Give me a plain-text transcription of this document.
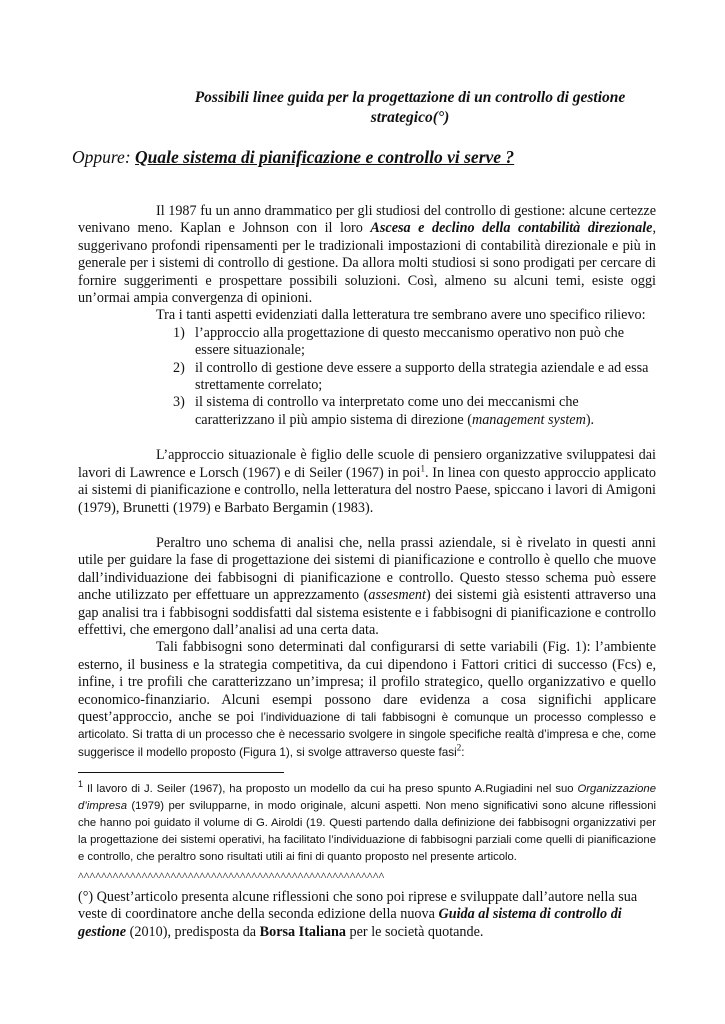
Possibili linee guida per la progettazione di un controllo di gestione strategico(°)
Oppure: Quale sistema di pianificazione e controllo vi serve ?

Il 1987 fu un anno drammatico per gli studiosi del controllo di gestione: alcune certezze venivano meno. Kaplan e Johnson con il loro Ascesa e declino della contabilità direzionale, suggerivano profondi ripensamenti per le tradizionali impostazioni di contabilità direzionale e più in generale per i sistemi di controllo di gestione. Da allora molti studiosi si sono prodigati per cercare di fornire suggerimenti e prospettare possibili soluzioni. Così, almeno su alcuni temi, esiste oggi un’ormai ampia convergenza di opinioni.

Tra i tanti aspetti evidenziati dalla letteratura tre sembrano avere uno specifico rilievo:

1) l’approccio alla progettazione di questo meccanismo operativo non può che essere situazionale;
2) il controllo di gestione deve essere a supporto della strategia aziendale e ad essa strettamente correlato;
3) il sistema di controllo va interpretato come uno dei meccanismi che caratterizzano il più ampio sistema di direzione (management system).

L’approccio situazionale è figlio delle scuole di pensiero organizzative sviluppatesi dai lavori di Lawrence e Lorsch (1967) e di Seiler (1967) in poi$^1$. In linea con questo approccio applicato ai sistemi di pianificazione e controllo, nella letteratura del nostro Paese, spiccano i lavori di Amigoni (1979), Brunetti (1979) e Barbato Bergamin (1983).

Peraltro uno schema di analisi che, nella prassi aziendale, si è rivelato in questi anni utile per guidare la fase di progettazione dei sistemi di pianificazione e controllo è quello che muove dall’individuazione dei fabbisogni di pianificazione e controllo. Questo stesso schema può essere anche utilizzato per effettuare un apprezzamento (assesment) dei sistemi già esistenti attraverso una gap analisi tra i fabbisogni soddisfatti dal sistema esistente e i fabbisogni di pianificazione e controllo effettivi, che emergono dall’analisi ad una certa data.

Tali fabbisogni sono determinati dal configurarsi di sette variabili (Fig. 1): l’ambiente esterno, il business e la strategia competitiva, da cui dipendono i Fattori critici di successo (Fcs) e, infine, i tre profili che caratterizzano un’impresa; il profilo strategico, quello organizzativo e quello economico-finanziario. Alcuni esempi possono dare evidenza a cosa significhi applicare quest’approccio, anche se poi l’individuazione di tali fabbisogni è comunque un processo complesso e articolato. Si tratta di un processo che è necessario svolgere in singole specifiche realtà d’impresa e che, come suggerisce il modello proposto (Figura 1), si svolge attraverso queste fasi$^2$:

$^1$ Il lavoro di J. Seiler (1967), ha proposto un modello da cui ha preso spunto A.Rugiadini nel suo Organizzazione d’impresa (1979) per svilupparne, in modo originale, alcuni aspetti. Non meno significativi sono alcune riflessioni che hanno poi guidato il volume di G. Airoldi (19. Questi partendo dalla definizione dei fabbisogni organizzativi per la progettazione dei sistemi operativi, ha facilitato l’individuazione di fabbisogni parziali come quelli di pianificazione e controllo, che peraltro sono risultati utili ai fini di quanto proposto nel presente articolo.

^^^^^^^^^^^^^^^^^^^^^^^^^^^^^^^^^^^^^^^^^^^^^^^^^^^^^

(°) Quest’articolo presenta alcune riflessioni che sono poi riprese e sviluppate dall’autore nella sua veste di coordinatore anche della seconda edizione della nuova Guida al sistema di controllo di gestione (2010), predisposta da Borsa Italiana per le società quotande.
